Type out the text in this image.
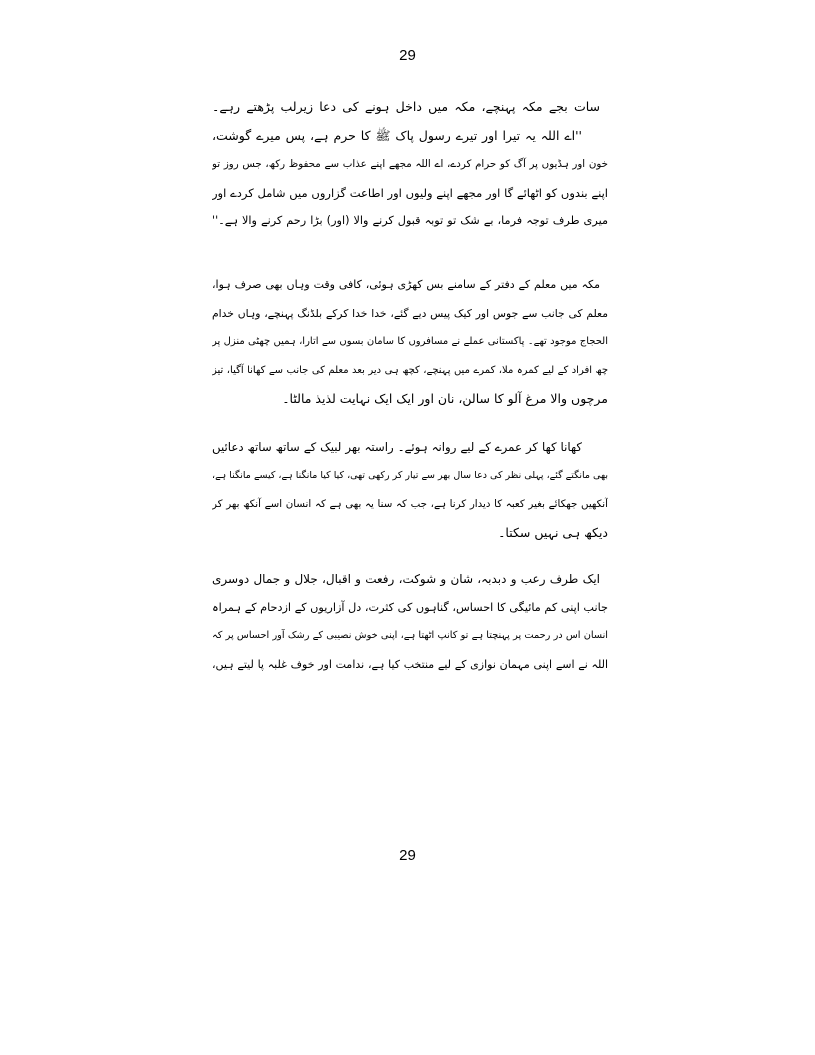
29
سات بجے مکہ پہنچے، مکہ میں داخل ہونے کی دعا زیرلب پڑھتے رہے۔
''اے اللہ یہ تیرا اور تیرے رسول پاک ﷺ کا حرم ہے، پس میرے گوشت،
خون اور ہڈیوں پر آگ کو حرام کردے، اے اللہ مجھے اپنے عذاب سے محفوظ رکھ، جس روز تو
اپنے بندوں کو اٹھائے گا اور مجھے اپنے ولیوں اور اطاعت گزاروں میں شامل کردے اور
میری طرف توجہ فرما، بے شک تو توبہ قبول کرنے والا (اور) بڑا رحم کرنے والا ہے۔''
مکہ میں معلم کے دفتر کے سامنے بس کھڑی ہوئی، کافی وقت وہاں بھی صرف ہوا،
معلم کی جانب سے جوس اور کیک پیس دیے گئے، خدا خدا کرکے بلڈنگ پہنچے، وہاں خدام
الحجاج موجود تھے۔ پاکستانی عملے نے مسافروں کا سامان بسوں سے اتارا، ہمیں چھٹی منزل پر
چھ افراد کے لیے کمرہ ملا، کمرے میں پہنچے، کچھ ہی دیر بعد معلم کی جانب سے کھانا آگیا، تیز
مرچوں والا مرغ آلو کا سالن، نان اور ایک ایک نہایت لذیذ مالٹا۔
کھانا کھا کر عمرے کے لیے روانہ ہوئے۔ راستہ بھر لبیک کے ساتھ ساتھ دعائیں
بھی مانگتے گئے، پہلی نظر کی دعا سال بھر سے تیار کر رکھی تھی، کیا کیا مانگنا ہے، کیسے مانگنا ہے،
آنکھیں جھکائے بغیر کعبہ کا دیدار کرنا ہے، جب کہ سنا یہ بھی ہے کہ انسان اسے آنکھ بھر کر
دیکھ ہی نہیں سکتا۔
ایک طرف رعب و دبدبہ، شان و شوکت، رفعت و اقبال، جلال و جمال دوسری
جانب اپنی کم مائیگی کا احساس، گناہوں کی کثرت، دل آزاریوں کے ازدحام کے ہمراہ
انسان اس در رحمت پر پہنچتا ہے تو کانپ اٹھتا ہے، اپنی خوش نصیبی کے رشک آور احساس پر کہ
اللہ نے اسے اپنی مہمان نوازی کے لیے منتخب کیا ہے، ندامت اور خوف غلبہ پا لیتے ہیں،
29
